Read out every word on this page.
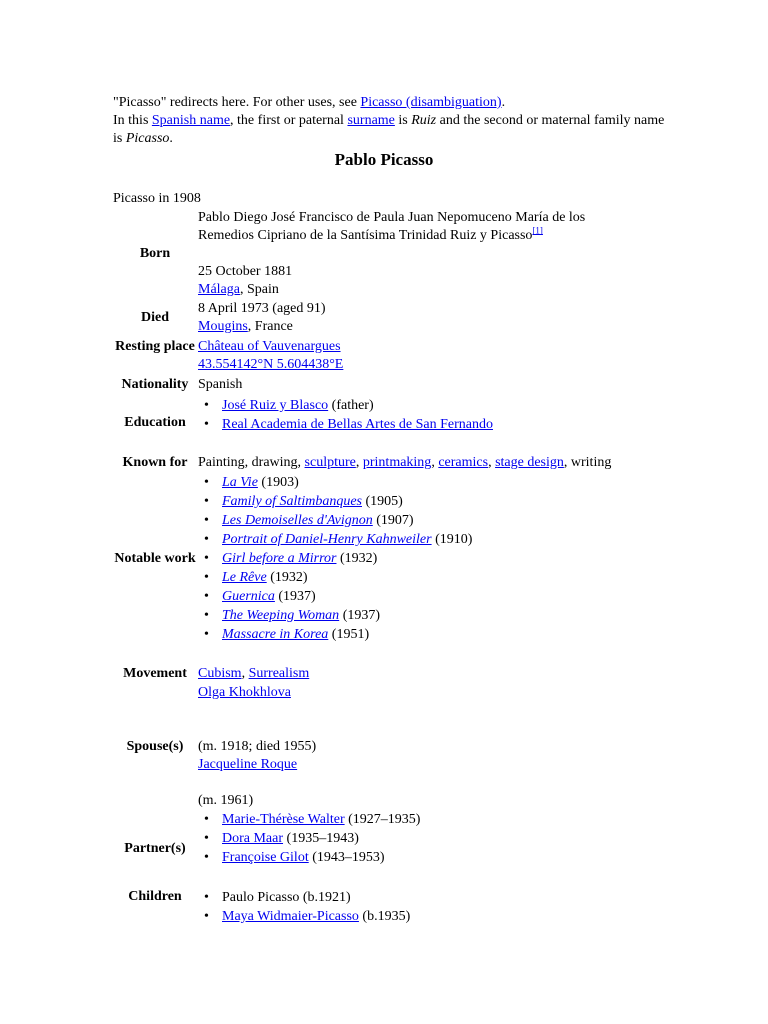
"Picasso" redirects here. For other uses, see Picasso (disambiguation).
In this Spanish name, the first or paternal surname is Ruiz and the second or maternal family name is Picasso.
Pablo Picasso
Picasso in 1908
Born
Pablo Diego José Francisco de Paula Juan Nepomuceno María de los
Remedios Cipriano de la Santísima Trinidad Ruiz y Picasso[1]
25 October 1881
Málaga, Spain
Died
8 April 1973 (aged 91)
Mougins, France
Resting place Château of Vauvenargues
43.554142°N 5.604438°E
Nationality Spanish
Education
• José Ruiz y Blasco (father)
• Real Academia de Bellas Artes de San Fernando
Known for Painting, drawing, sculpture, printmaking, ceramics, stage design, writing
Notable work
• La Vie (1903)
• Family of Saltimbanques (1905)
• Les Demoiselles d'Avignon (1907)
• Portrait of Daniel-Henry Kahnweiler (1910)
• Girl before a Mirror (1932)
• Le Rêve (1932)
• Guernica (1937)
• The Weeping Woman (1937)
• Massacre in Korea (1951)
Movement Cubism, Surrealism
Olga Khokhlova
Spouse(s)	(m. 1918; died 1955)
Jacqueline Roque
(m. 1961)
Partner(s)
• Marie-Thérèse Walter (1927–1935)
• Dora Maar (1935–1943)
• Françoise Gilot (1943–1953)
Children
•	Paulo Picasso (b.1921)
• Maya Widmaier-Picasso (b.1935)
